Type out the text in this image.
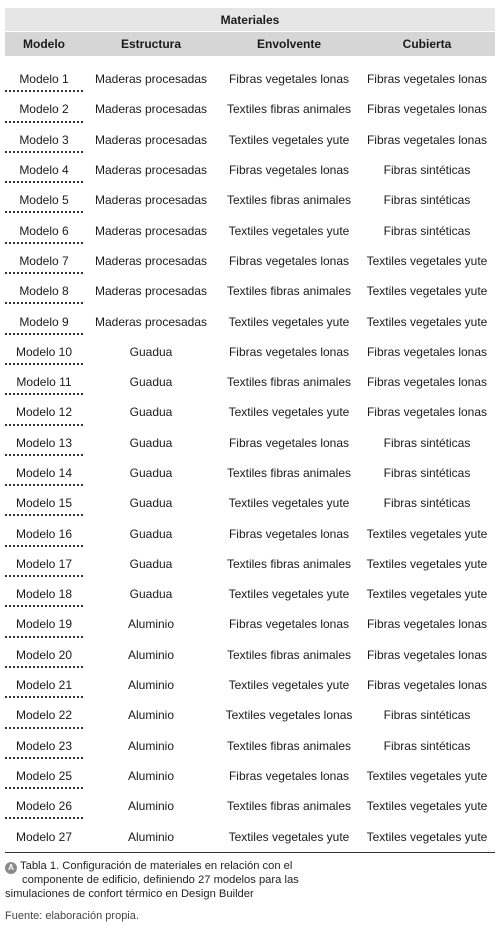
Materiales
Modelo	Estructura	Envolvente	Cubierta
Modelo 1	Maderas procesadas	Fibras vegetales lonas	Fibras vegetales lonas
Modelo 2	Maderas procesadas	Textiles fibras animales	Fibras vegetales lonas
Modelo 3	Maderas procesadas	Textiles vegetales yute	Fibras vegetales lonas
Modelo 4	Maderas procesadas	Fibras vegetales lonas	Fibras sintéticas
Modelo 5	Maderas procesadas	Textiles fibras animales	Fibras sintéticas
Modelo 6	Maderas procesadas	Textiles vegetales yute	Fibras sintéticas
Modelo 7	Maderas procesadas	Fibras vegetales lonas	Textiles vegetales yute
Modelo 8	Maderas procesadas	Textiles fibras animales	Textiles vegetales yute
Modelo 9	Maderas procesadas	Textiles vegetales yute	Textiles vegetales yute
Modelo 10	Guadua	Fibras vegetales lonas	Fibras vegetales lonas
Modelo 11	Guadua	Textiles fibras animales	Fibras vegetales lonas
Modelo 12	Guadua	Textiles vegetales yute	Fibras vegetales lonas
Modelo 13	Guadua	Fibras vegetales lonas	Fibras sintéticas
Modelo 14	Guadua	Textiles fibras animales	Fibras sintéticas
Modelo 15	Guadua	Textiles vegetales yute	Fibras sintéticas
Modelo 16	Guadua	Fibras vegetales lonas	Textiles vegetales yute
Modelo 17	Guadua	Textiles fibras animales	Textiles vegetales yute
Modelo 18	Guadua	Textiles vegetales yute	Textiles vegetales yute
Modelo 19	Aluminio	Fibras vegetales lonas	Fibras vegetales lonas
Modelo 20	Aluminio	Textiles fibras animales	Fibras vegetales lonas
Modelo 21	Aluminio	Textiles vegetales yute	Fibras vegetales lonas
Modelo 22	Aluminio	Textiles vegetales lonas	Fibras sintéticas
Modelo 23	Aluminio	Textiles fibras animales	Fibras sintéticas
Modelo 25	Aluminio	Fibras vegetales lonas	Textiles vegetales yute
Modelo 26	Aluminio	Textiles fibras animales	Textiles vegetales yute
Modelo 27	Aluminio	Textiles vegetales yute	Textiles vegetales yute
A Tabla 1. Configuración de materiales en relación con el
componente de edificio, definiendo 27 modelos para las
simulaciones de confort térmico en Design Builder
Fuente: elaboración propia.
